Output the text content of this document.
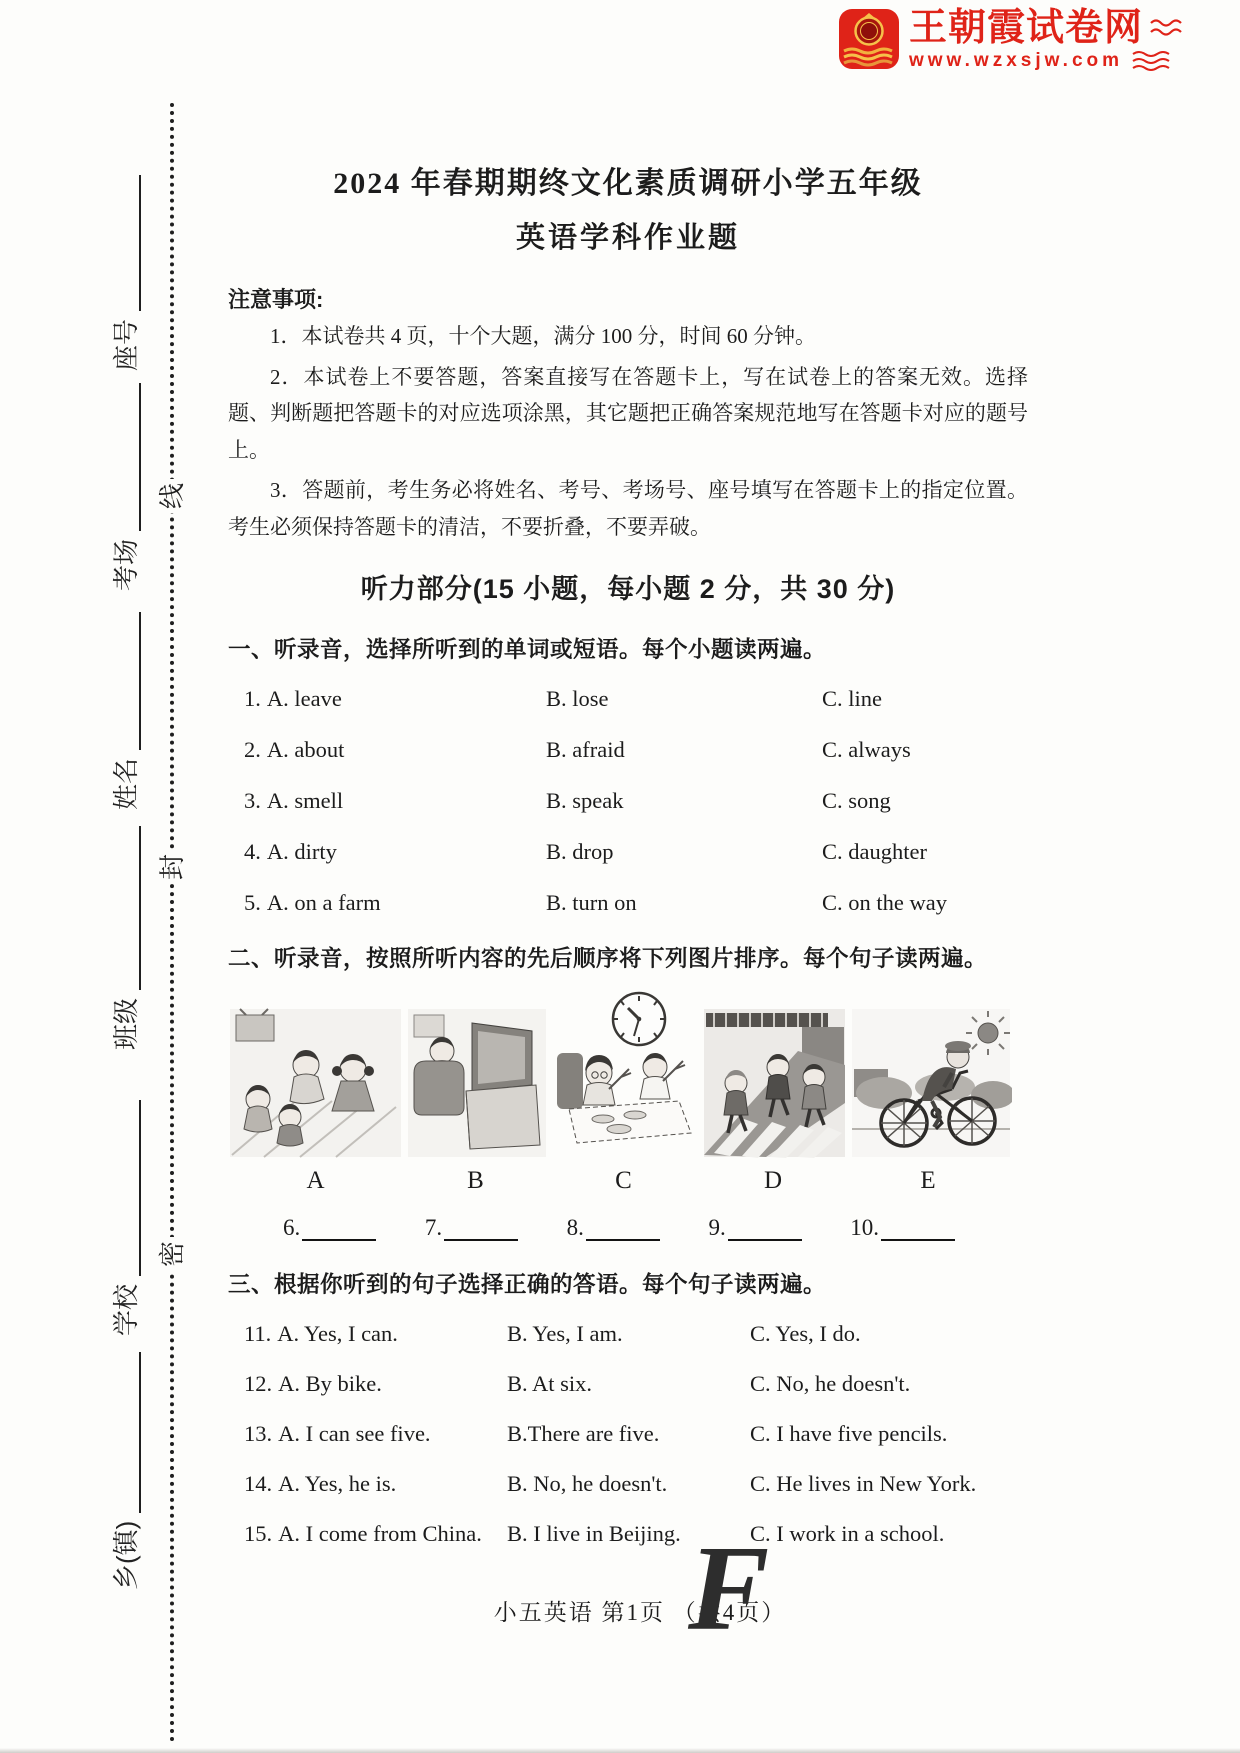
王朝霞试卷网
www.wzxsjw.com
线
封
密
座号
考场
姓名
班级
学校
乡(镇)
2024 年春期期终文化素质调研小学五年级
英语学科作业题
注意事项:

1．本试卷共 4 页，十个大题，满分 100 分，时间 60 分钟。

2．本试卷上不要答题，答案直接写在答题卡上，写在试卷上的答案无效。选择题、判断题把答题卡的对应选项涂黑，其它题把正确答案规范地写在答题卡对应的题号上。

3．答题前，考生务必将姓名、考号、考场号、座号填写在答题卡上的指定位置。考生必须保持答题卡的清洁，不要折叠，不要弄破。

听力部分(15 小题，每小题 2 分，共 30 分)
一、听录音，选择所听到的单词或短语。每个小题读两遍。
1. A. leave	B. lose	C. line
2. A. about	B. afraid	C. always
3. A. smell	B. speak	C. song
4. A. dirty	B. drop	C. daughter
5. A. on a farm	B. turn on	C. on the way
二、听录音，按照所听内容的先后顺序将下列图片排序。每个句子读两遍。
A	B	C	D	E
6.	7.	8.	9.	10.
三、根据你听到的句子选择正确的答语。每个句子读两遍。
11. A. Yes, I can.	B. Yes, I am.	C. Yes, I do.
12. A. By bike.	B. At six.	C. No, he doesn't.
13. A. I can see five.	B.There are five.	C. I have five pencils.
14. A. Yes, he is.	B. No, he doesn't.	C. He lives in New York.
15. A. I come from China.	B. I live in Beijing.	C. I work in a school.
小五英语 第1页 （共4页）
F
